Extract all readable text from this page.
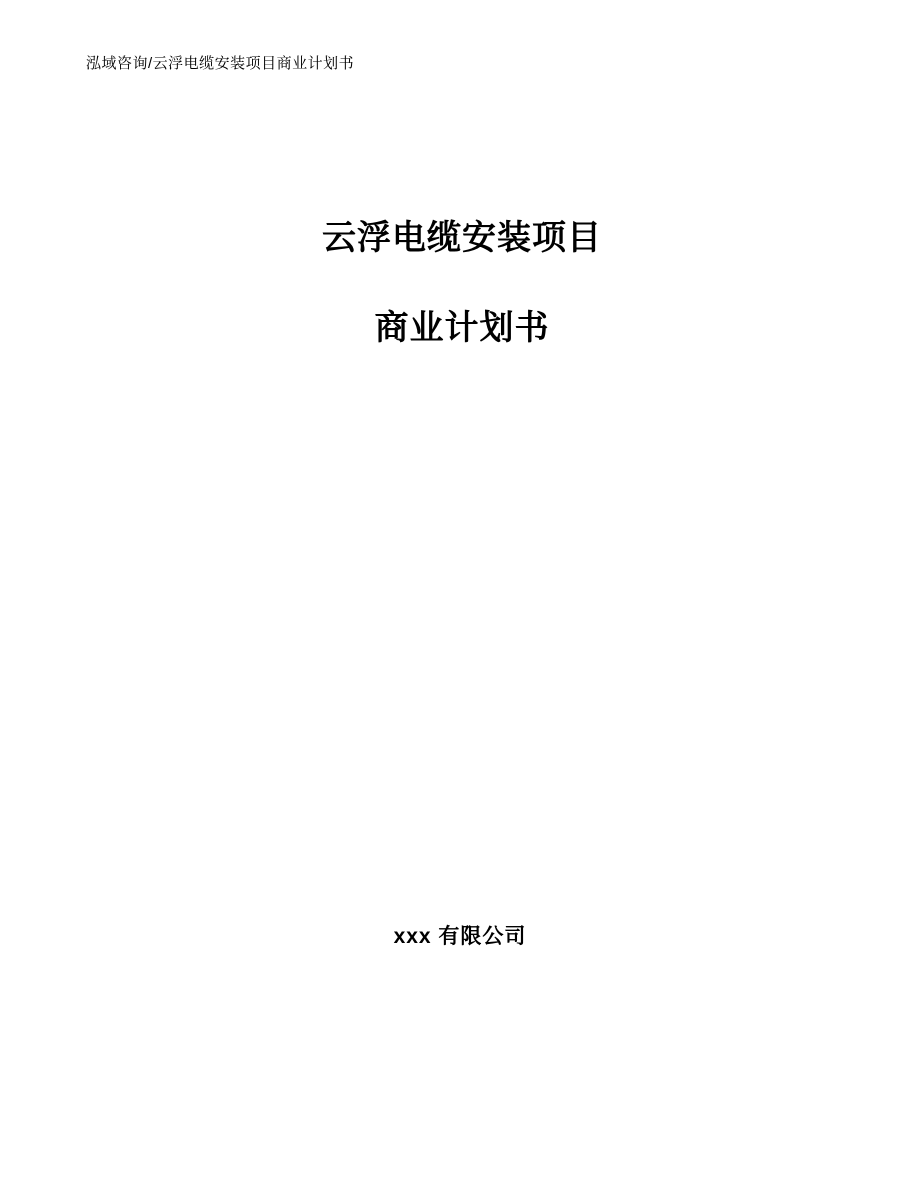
泓域咨询/云浮电缆安装项目商业计划书
云浮电缆安装项目
商业计划书
xxx 有限公司
